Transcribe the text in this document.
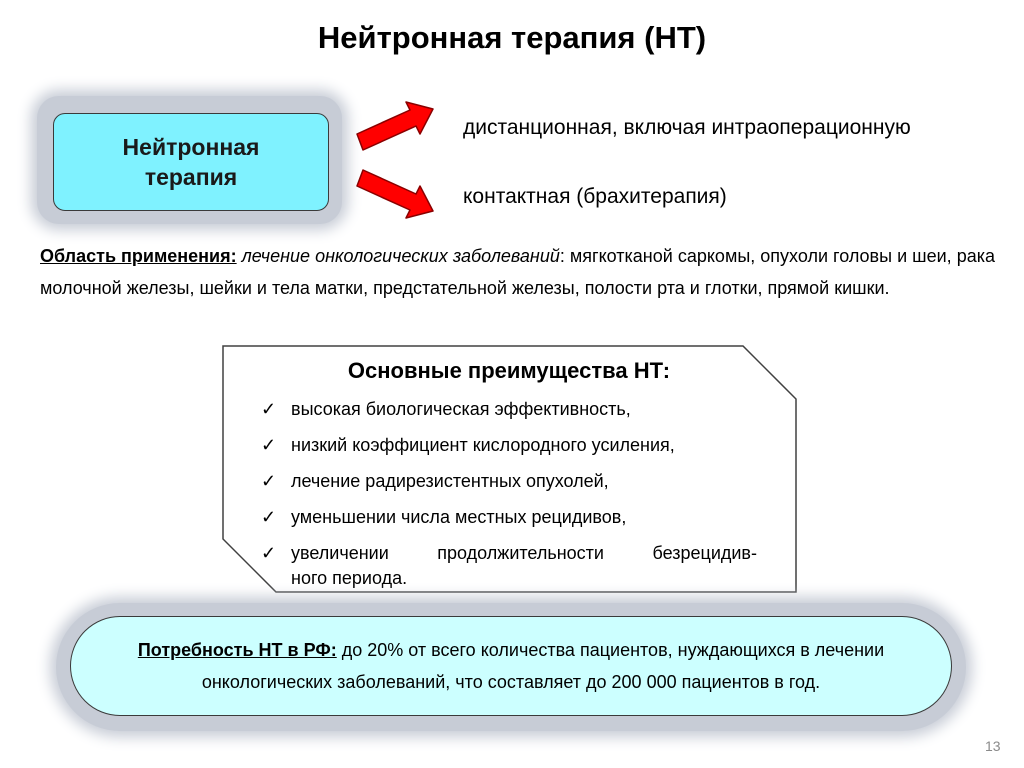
Нейтронная терапия (НТ)
Нейтронная
терапия
дистанционная, включая интраоперационную
контактная (брахитерапия)
Область применения: лечение онкологических заболеваний: мягкотканой саркомы, опухоли головы и шеи, рака молочной железы, шейки и тела матки, предстательной железы, полости рта и глотки, прямой кишки.
Основные преимущества НТ:
✓ высокая биологическая эффективность,
✓ низкий коэффициент кислородного усиления,
✓ лечение радирезистентных опухолей,
✓ уменьшении числа местных рецидивов,
✓ увеличении продолжительности безрецидив-
ного периода.
Потребность НТ в РФ: до 20% от всего количества пациентов, нуждающихся в лечении онкологических заболеваний, что составляет до 200 000 пациентов в год.
13
